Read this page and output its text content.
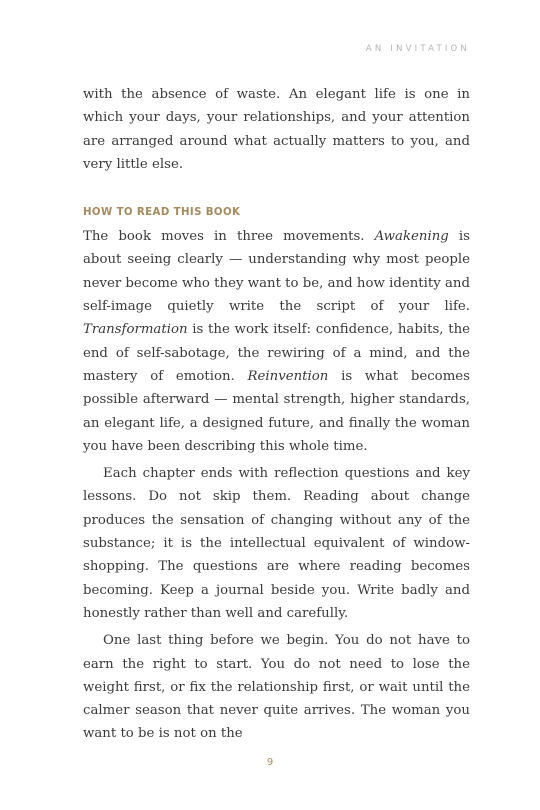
AN INVITATION

with the absence of waste. An elegant life is one in which your days, your relationships, and your attention are arranged around what actually matters to you, and very little else.

HOW TO READ THIS BOOK

The book moves in three movements. Awakening is about seeing clearly — understanding why most people never become who they want to be, and how identity and self-image quietly write the script of your life. Transformation is the work itself: confidence, habits, the end of self-sabotage, the rewiring of a mind, and the mastery of emotion. Reinvention is what becomes possible afterward — mental strength, higher standards, an elegant life, a designed future, and finally the woman you have been describing this whole time.

Each chapter ends with reflection questions and key lessons. Do not skip them. Reading about change produces the sensation of changing without any of the substance; it is the intellectual equivalent of window-shopping. The questions are where reading becomes becoming. Keep a journal beside you. Write badly and honestly rather than well and carefully.

One last thing before we begin. You do not have to earn the right to start. You do not need to lose the weight first, or fix the relationship first, or wait until the calmer season that never quite arrives. The woman you want to be is not on the

9
